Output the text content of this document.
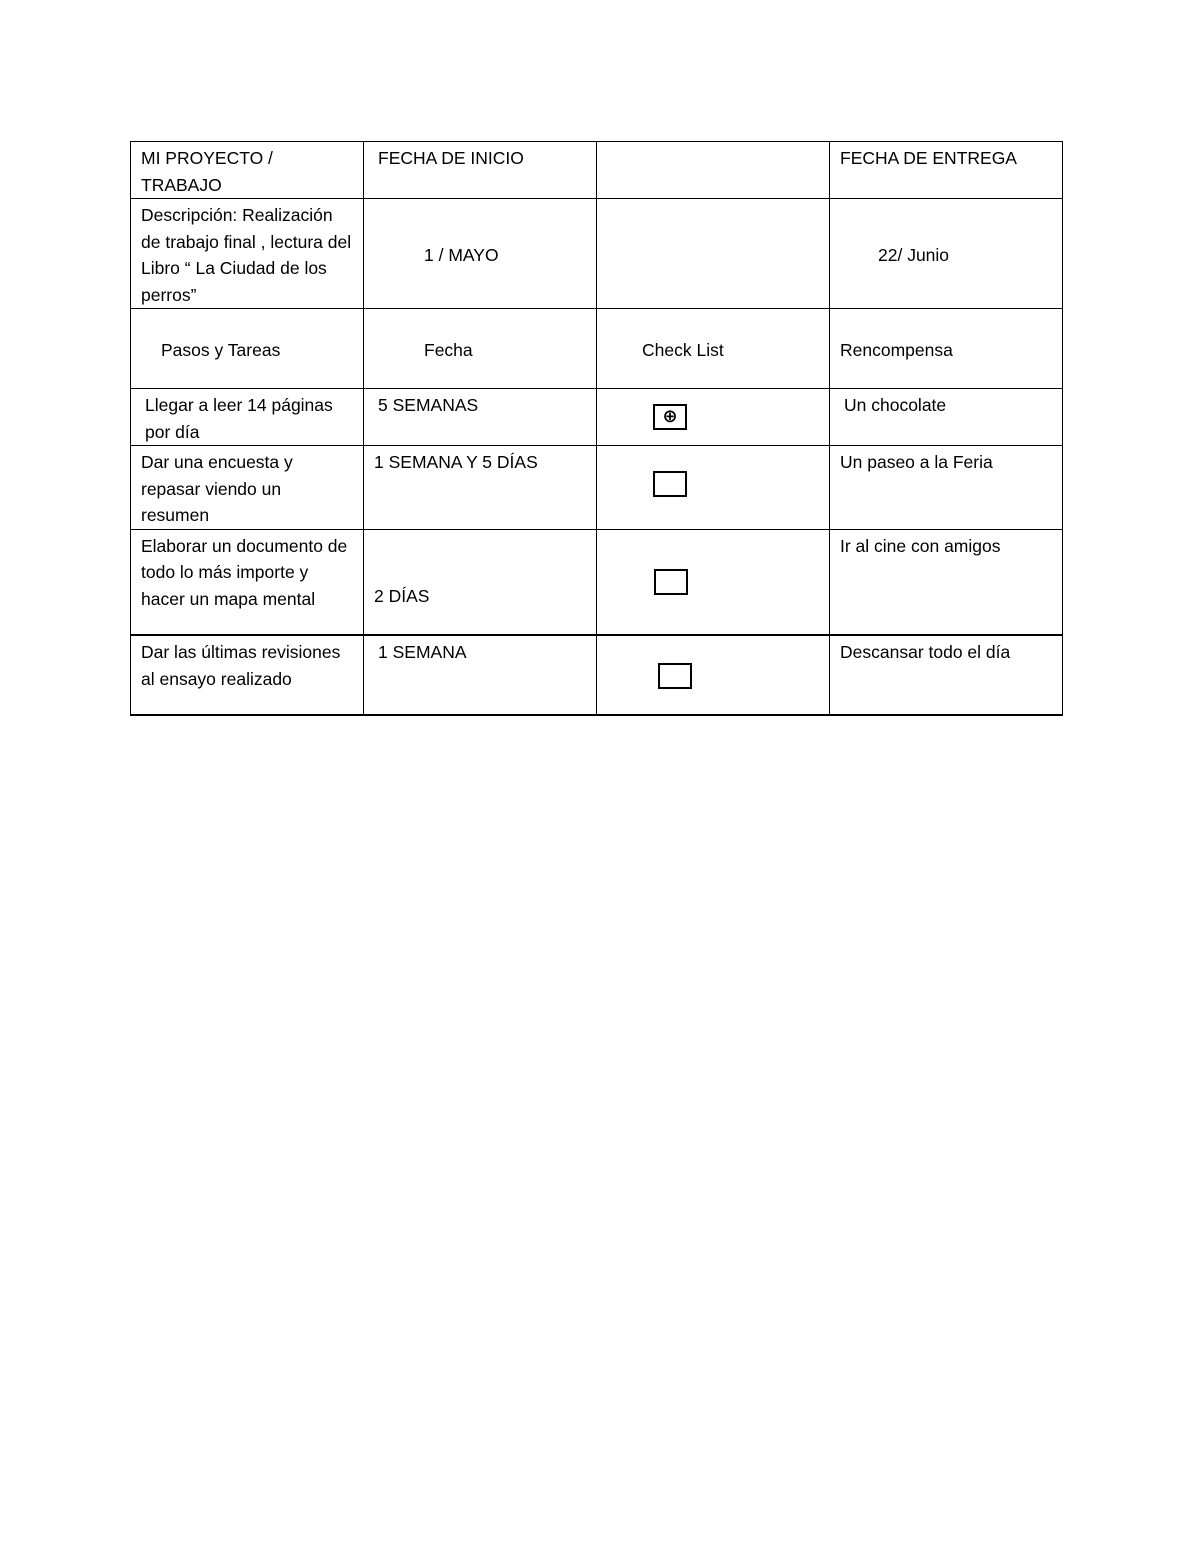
MI PROYECTO / TRABAJO	FECHA DE INICIO		FECHA DE ENTREGA
Descripción: Realización de trabajo final , lectura del Libro “ La Ciudad de los perros”	1 / MAYO		22/ Junio
Pasos y Tareas	Fecha	Check List	Rencompensa
Llegar a leer 14 páginas por día	5 SEMANAS	⊕	Un chocolate
Dar una encuesta y repasar viendo un resumen	1 SEMANA Y 5 DÍAS		Un paseo a la Feria
Elaborar un documento de todo lo más importe y hacer un mapa mental	2 DÍAS		Ir al cine con amigos
Dar las últimas revisiones al ensayo realizado	1 SEMANA		Descansar todo el día
